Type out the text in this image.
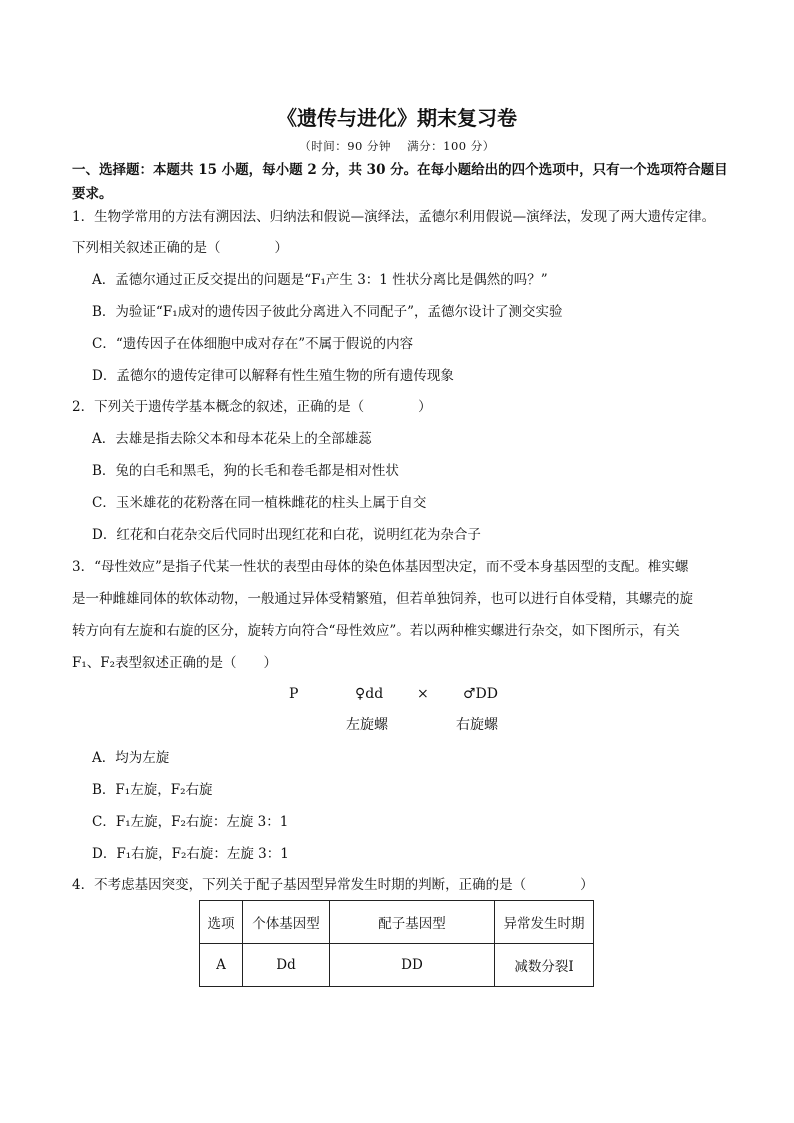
《遗传与进化》期末复习卷
（时间：90 分钟　 满分：100 分）
一、选择题：本题共 15 小题，每小题 2 分，共 30 分。在每小题给出的四个选项中，只有一个选项符合题目要求。
1．生物学常用的方法有溯因法、归纳法和假说—演绎法，孟德尔利用假说—演绎法，发现了两大遗传定律。
下列相关叙述正确的是（　　　　）
A．孟德尔通过正反交提出的问题是“F₁产生 3：1 性状分离比是偶然的吗？”
B．为验证“F₁成对的遗传因子彼此分离进入不同配子”，孟德尔设计了测交实验
C．“遗传因子在体细胞中成对存在”不属于假说的内容
D．孟德尔的遗传定律可以解释有性生殖生物的所有遗传现象
2．下列关于遗传学基本概念的叙述，正确的是（　　　　）
A．去雄是指去除父本和母本花朵上的全部雄蕊
B．兔的白毛和黑毛，狗的长毛和卷毛都是相对性状
C．玉米雄花的花粉落在同一植株雌花的柱头上属于自交
D．红花和白花杂交后代同时出现红花和白花，说明红花为杂合子
3．“母性效应”是指子代某一性状的表型由母体的染色体基因型决定，而不受本身基因型的支配。椎实螺
是一种雌雄同体的软体动物，一般通过异体受精繁殖，但若单独饲养，也可以进行自体受精，其螺壳的旋
转方向有左旋和右旋的区分，旋转方向符合“母性效应”。若以两种椎实螺进行杂交，如下图所示，有关
F₁、F₂表型叙述正确的是（　　）
P	♀dd × ♂DD
左旋螺	右旋螺
A．均为左旋
B．F₁左旋，F₂右旋
C．F₁左旋，F₂右旋：左旋 3：1
D．F₁右旋，F₂右旋：左旋 3：1
4．不考虑基因突变，下列关于配子基因型异常发生时期的判断，正确的是（　　　　）
选项	个体基因型	配子基因型	异常发生时期
A	Dd	DD	减数分裂Ⅰ
